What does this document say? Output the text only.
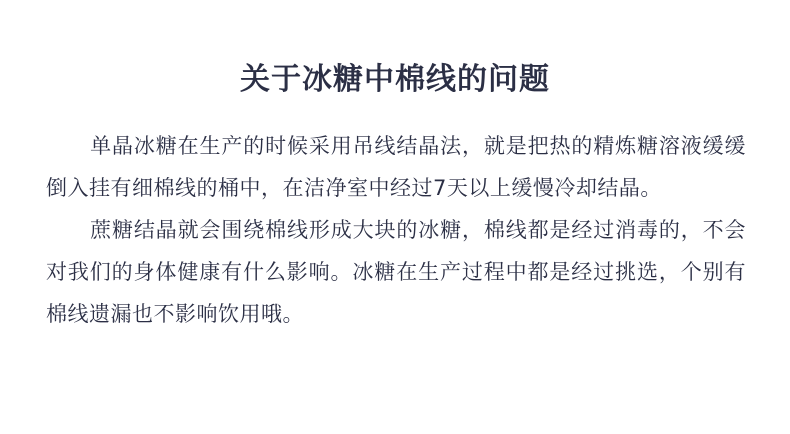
关于冰糖中棉线的问题

单晶冰糖在生产的时候采用吊线结晶法，就是把热的精炼糖溶液缓缓倒入挂有细棉线的桶中，在洁净室中经过7天以上缓慢冷却结晶。

蔗糖结晶就会围绕棉线形成大块的冰糖，棉线都是经过消毒的，不会对我们的身体健康有什么影响。冰糖在生产过程中都是经过挑选，个别有棉线遗漏也不影响饮用哦。
